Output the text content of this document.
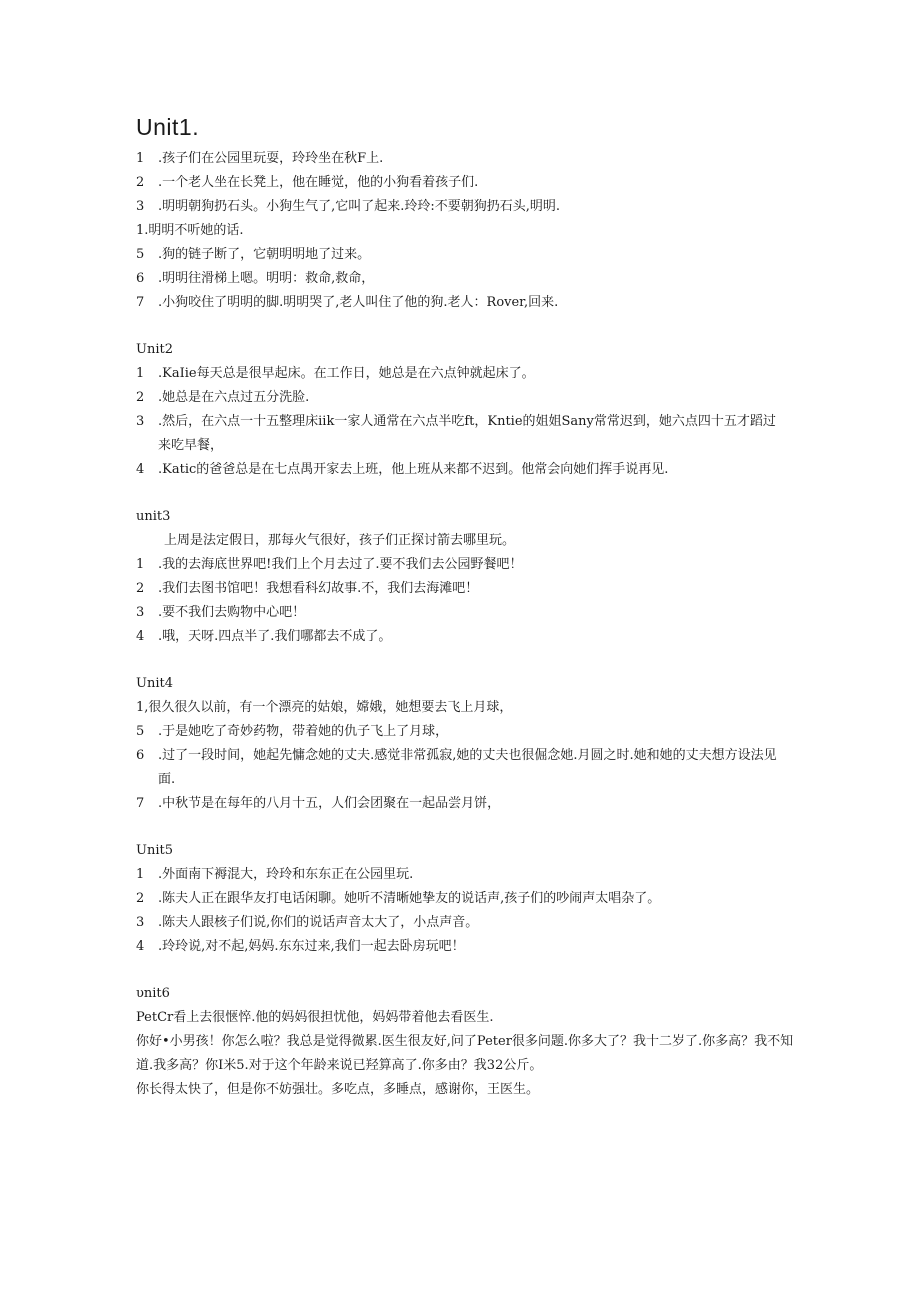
Unit1.
1	.孩子们在公园里玩耍，玲玲坐在秋F上.
2	.一个老人坐在长凳上，他在睡觉，他的小狗看着孩子们.
3	.明明朝狗扔石头。小狗生气了,它叫了起来.玲玲:不要朝狗扔石头,明明.
1.明明不听她的话.
5	.狗的链子断了，它朝明明地了过来。
6	.明明往滑梯上嗯。明明：救命,救命，
7	.小狗咬住了明明的脚.明明哭了,老人叫住了他的狗.老人：Rover,回来.
Unit2
1	.KaIie每天总是很早起床。在工作日，她总是在六点钟就起床了。
2	.她总是在六点过五分洗脸.
3	.然后，在六点一十五整理床iik一家人通常在六点半吃ft，Kntie的姐姐Sany常常迟到，她六点四十五才蹈过来吃早餐，
4	.Katic的爸爸总是在七点禺开家去上班，他上班从来都不迟到。他常会向她们挥手说再见.
unit3
上周是法定假日，那每火气很好，孩子们正探讨箭去哪里玩。
1	.我的去海底世界吧!我们上个月去过了.要不我们去公园野餐吧！
2	.我们去图书馆吧！我想看科幻故事.不，我们去海滩吧！
3	.要不我们去购物中心吧！
4	.哦，天呀.四点半了.我们哪都去不成了。
Unit4
1,很久很久以前，有一个漂亮的姑娘，嫦娥，她想要去飞上月球，
5	.于是她吃了奇妙药物，带着她的仇子飞上了月球，
6	.过了一段时间，她起先慵念她的丈夫.感觉非常孤寂,她的丈夫也很倔念她.月圆之时.她和她的丈夫想方设法见面.
7	.中秋节是在每年的八月十五，人们会团聚在一起品尝月饼，
Unit5
1	.外面南下褥混大，玲玲和东东正在公园里玩.
2	.陈夫人正在跟华友打电话闲聊。她听不清晰她挚友的说话声,孩子们的吵闹声太唱杂了。
3	.陈夫人跟核子们说,你们的说话声音太大了，小点声音。
4	.玲玲说,对不起,妈妈.东东过来,我们一起去卧房玩吧！
υnit6

PetCr看上去很惬悴.他的妈妈很担忧他，妈妈带着他去看医生.

你好•小男孩！你怎么啦？我总是觉得微累.医生很友好,问了Peter很多问题.你多大了？我十二岁了.你多高？我不知道.我多高？你I米5.对于这个年龄来说已羟算高了.你多由？我32公斤。

你长得太快了，但是你不妨强壮。多吃点，多睡点，感谢你，王医生。
